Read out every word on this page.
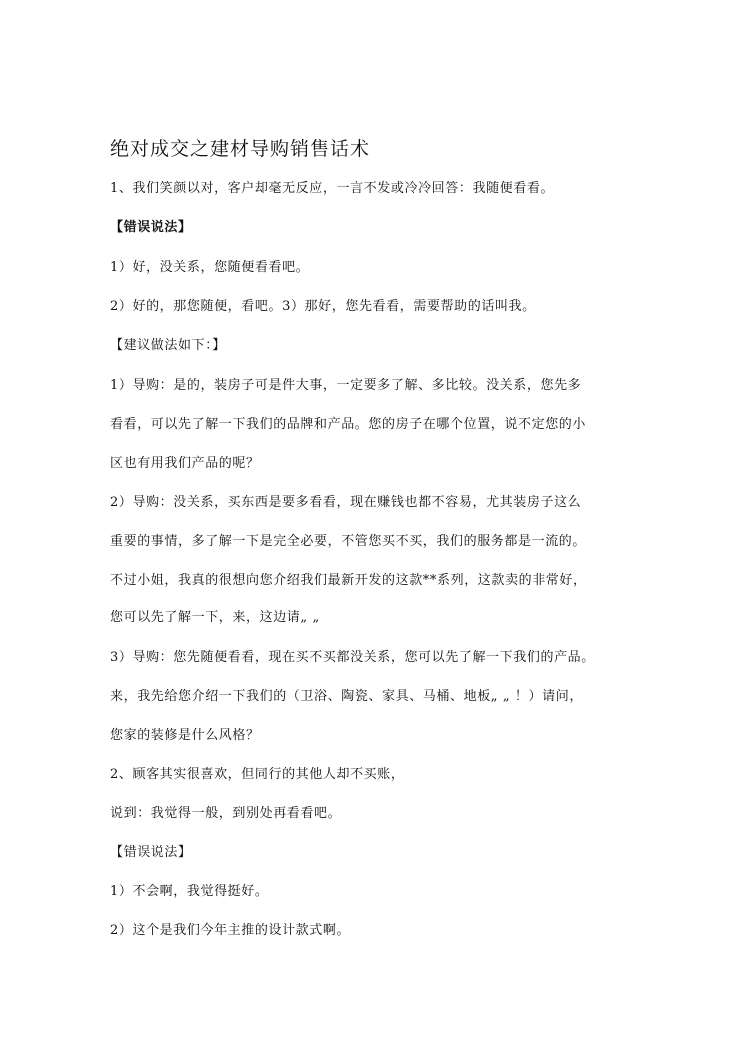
绝对成交之建材导购销售话术
1、我们笑颜以对，客户却毫无反应，一言不发或冷冷回答：我随便看看。
【错误说法】
1）好，没关系，您随便看看吧。
2）好的，那您随便，看吧。3）那好，您先看看，需要帮助的话叫我。
【建议做法如下：】
1）导购：是的，装房子可是件大事，一定要多了解、多比较。没关系，您先多
看看，可以先了解一下我们的品牌和产品。您的房子在哪个位置，说不定您的小
区也有用我们产品的呢？
2）导购：没关系，买东西是要多看看，现在赚钱也都不容易，尤其装房子这么
重要的事情，多了解一下是完全必要，不管您买不买，我们的服务都是一流的。
不过小姐，我真的很想向您介绍我们最新开发的这款**系列，这款卖的非常好，
您可以先了解一下，来，这边请„ „
3）导购：您先随便看看，现在买不买都没关系，您可以先了解一下我们的产品。
来，我先给您介绍一下我们的（卫浴、陶瓷、家具、马桶、地板„ „ ！）请问，
您家的装修是什么风格？
2、顾客其实很喜欢，但同行的其他人却不买账，
说到：我觉得一般，到别处再看看吧。
【错误说法】
1）不会啊，我觉得挺好。
2）这个是我们今年主推的设计款式啊。
